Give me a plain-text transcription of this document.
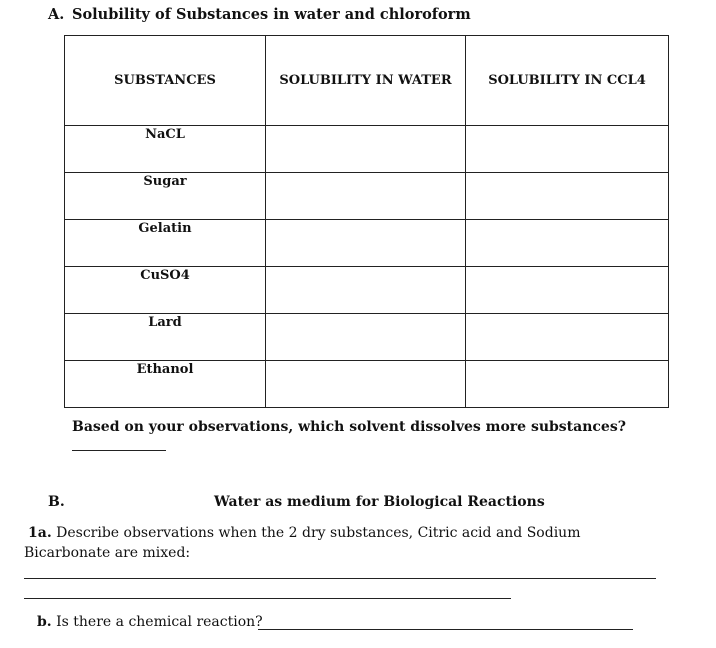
A. Solubility of Substances in water and chloroform
SUBSTANCES	SOLUBILITY IN WATER	SOLUBILITY IN CCL4
NaCL		
Sugar		
Gelatin		
CuSO4		
Lard		
Ethanol		
Based on your observations, which solvent dissolves more substances?
B.	Water as medium for Biological Reactions
1a. Describe observations when the 2 dry substances, Citric acid and Sodium Bicarbonate are mixed:
b. Is there a chemical reaction?
